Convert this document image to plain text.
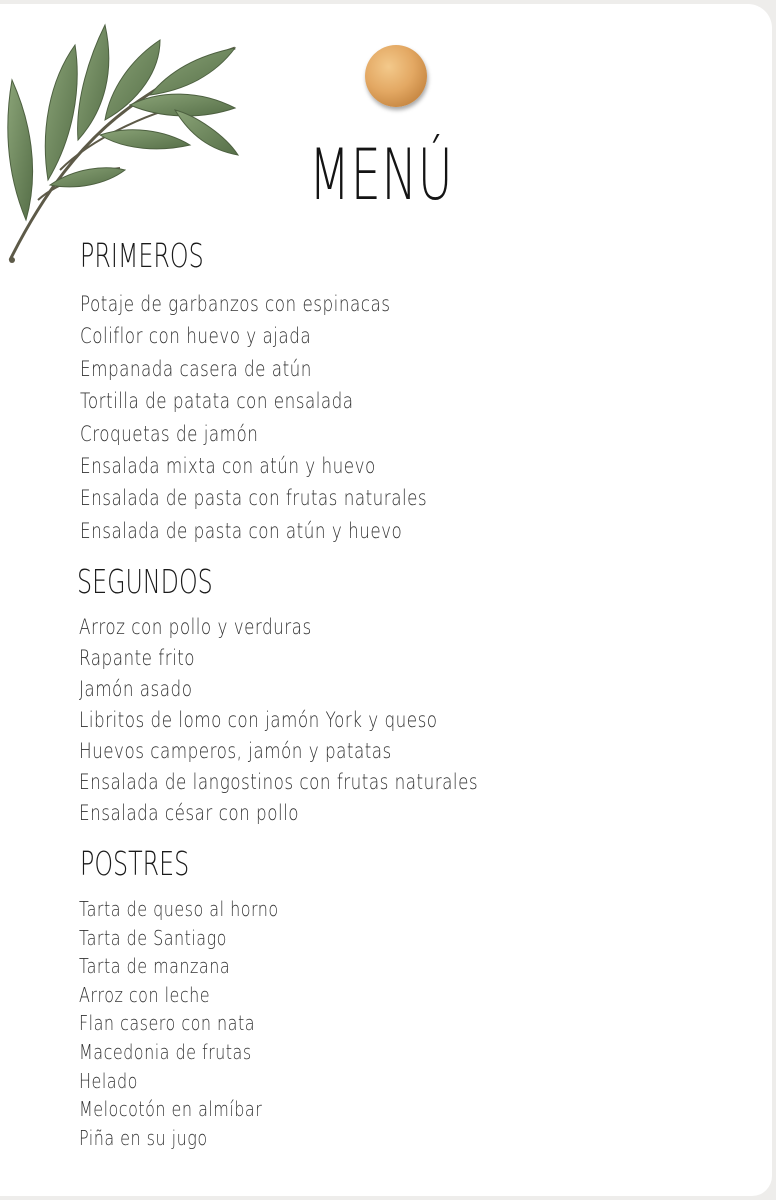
MENÚ
PRIMEROS
Potaje de garbanzos con espinacas
Coliflor con huevo y ajada
Empanada casera de atún
Tortilla de patata con ensalada
Croquetas de jamón
Ensalada mixta con atún y huevo
Ensalada de pasta con frutas naturales
Ensalada de pasta con atún y huevo
SEGUNDOS
Arroz con pollo y verduras
Rapante frito
Jamón asado
Libritos de lomo con jamón York y queso
Huevos camperos, jamón y patatas
Ensalada de langostinos con frutas naturales
Ensalada césar con pollo
POSTRES
Tarta de queso al horno
Tarta de Santiago
Tarta de manzana
Arroz con leche
Flan casero con nata
Macedonia de frutas
Helado
Melocotón en almíbar
Piña en su jugo
